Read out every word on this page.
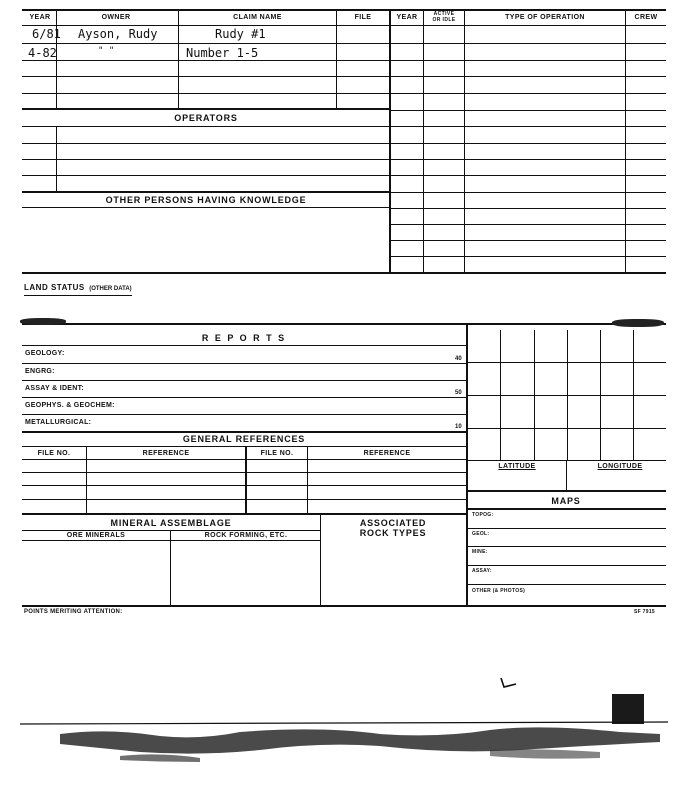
YEAR	OWNER	CLAIM NAME	FILE	YEAR	ACTIVE
OR IDLE	TYPE OF OPERATION	CREW
6/81 Ayson, Rudy	Rudy #1
4-82	" "	Number 1-5
OPERATORS
OTHER PERSONS HAVING KNOWLEDGE
LAND STATUS (OTHER DATA)
R E P O R T S
GEOLOGY:
40
ENGRG:
ASSAY & IDENT:
50
GEOPHYS. & GEOCHEM:
METALLURGICAL:
10
GENERAL REFERENCES
FILE NO.	REFERENCE	FILE NO.	REFERENCE
MINERAL ASSEMBLAGE
ORE MINERALS	ROCK FORMING, ETC.
ASSOCIATED
ROCK TYPES
LATITUDE	LONGITUDE
MAPS
TOPOG:
GEOL:
MINE:
ASSAY:
OTHER (& PHOTOS)
POINTS MERITING ATTENTION:	SF 7915
